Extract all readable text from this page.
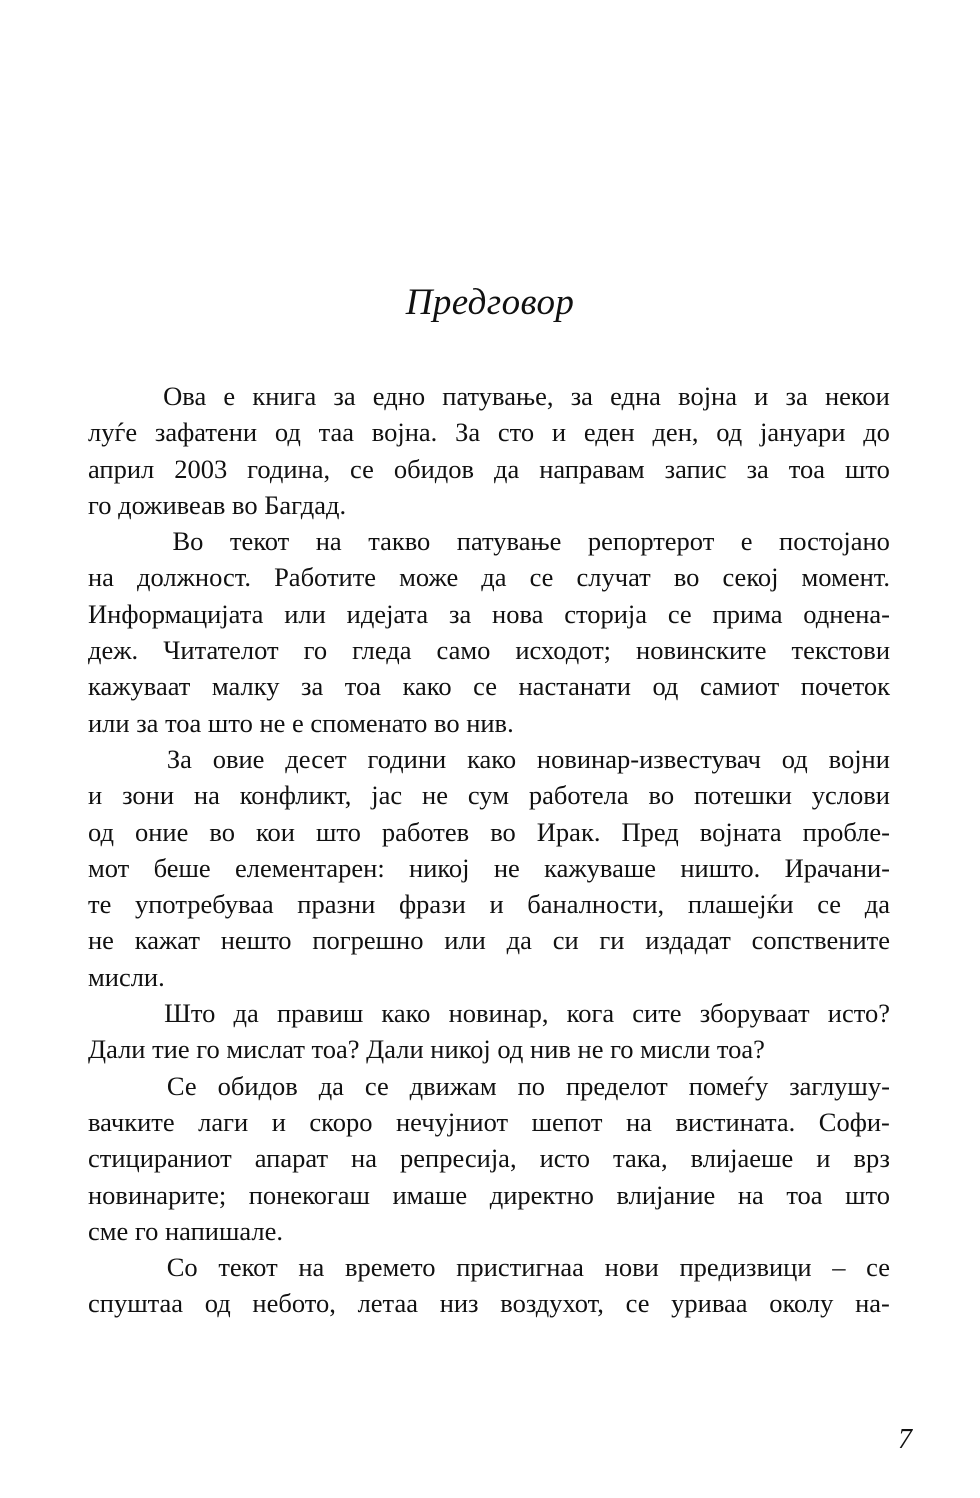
Предговор

Ова е книга за едно патување, за една војна и за некои
луѓе зафатени од таа војна. За сто и еден ден, од јануари до
април 2003 година, се обидов да направам запис за тоа што
го доживеав во Багдад.

Во текот на такво патување репортерот е постојано
на должност. Работите може да се случат во секој момент.
Информацијата или идејата за нова сторија се прима однена-
деж. Читателот го гледа само исходот; новинските текстови
кажуваат малку за тоа како се настанати од самиот почеток
или за тоа што не е споменато во нив.

За овие десет години како новинар-известувач од војни
и зони на конфликт, јас не сум работела во потешки услови
од оние во кои што работев во Ирак. Пред војната пробле-
мот беше елементарен: никој не кажуваше ништо. Ирачани-
те употребуваа празни фрази и баналности, плашејќи се да
не кажат нешто погрешно или да си ги издадат сопствените
мисли.

Што да правиш како новинар, кога сите зборуваат исто?
Дали тие го мислат тоа? Дали никој од нив не го мисли тоа?

Се обидов да се движам по пределот помеѓу заглушу-
вачките лаги и скоро нечујниот шепот на вистината. Софи-
стицираниот апарат на репресија, исто така, влијаеше и врз
новинарите; понекогаш имаше директно влијание на тоа што
сме го напишале.

Со текот на времето пристигнаа нови предизвици – се
спуштаа од небото, летаа низ воздухот, се уриваа околу на-

7
